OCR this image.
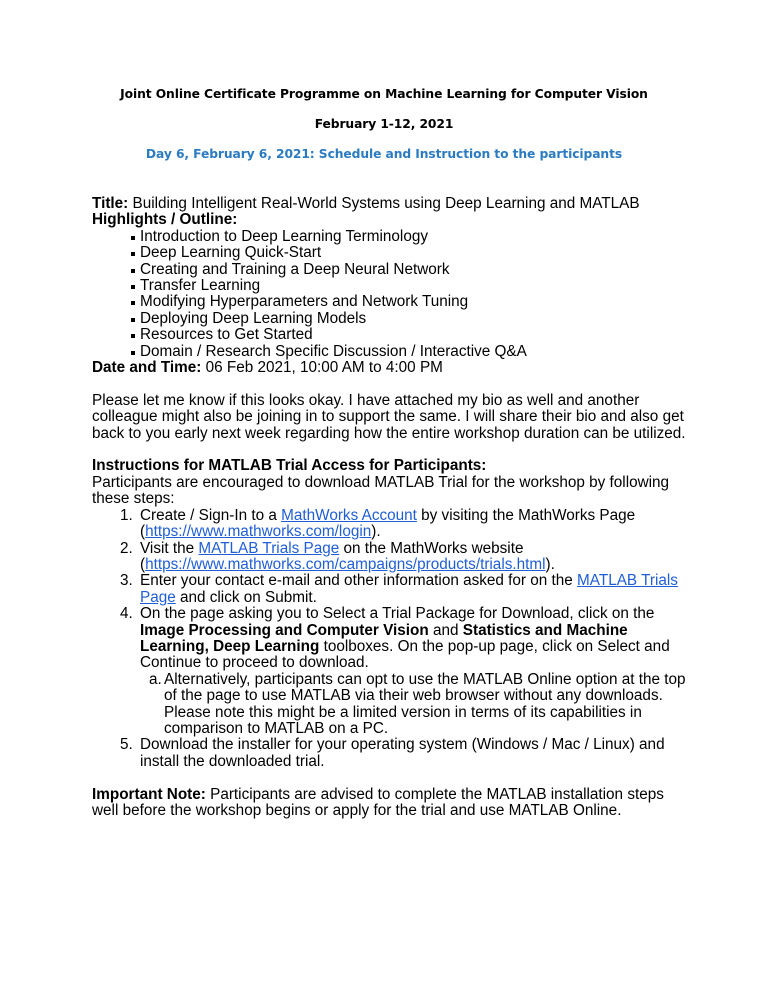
Joint Online Certificate Programme on Machine Learning for Computer Vision
February 1-12, 2021
Day 6, February 6, 2021: Schedule and Instruction to the participants

Title: Building Intelligent Real-World Systems using Deep Learning and MATLAB

Highlights / Outline:

Introduction to Deep Learning Terminology
Deep Learning Quick-Start
Creating and Training a Deep Neural Network
Transfer Learning
Modifying Hyperparameters and Network Tuning
Deploying Deep Learning Models
Resources to Get Started
Domain / Research Specific Discussion / Interactive Q&A

Date and Time: 06 Feb 2021, 10:00 AM to 4:00 PM

Please let me know if this looks okay. I have attached my bio as well and another colleague might also be joining in to support the same. I will share their bio and also get back to you early next week regarding how the entire workshop duration can be utilized.

Instructions for MATLAB Trial Access for Participants:

Participants are encouraged to download MATLAB Trial for the workshop by following these steps:

1. Create / Sign-In to a MathWorks Account by visiting the MathWorks Page (https://www.mathworks.com/login).
2. Visit the MATLAB Trials Page on the MathWorks website (https://www.mathworks.com/campaigns/products/trials.html).
3. Enter your contact e-mail and other information asked for on the MATLAB Trials Page and click on Submit.
4. On the page asking you to Select a Trial Package for Download, click on the Image Processing and Computer Vision and Statistics and Machine Learning, Deep Learning toolboxes. On the pop-up page, click on Select and Continue to proceed to download.
a. Alternatively, participants can opt to use the MATLAB Online option at the top of the page to use MATLAB via their web browser without any downloads. Please note this might be a limited version in terms of its capabilities in comparison to MATLAB on a PC.
5. Download the installer for your operating system (Windows / Mac / Linux) and install the downloaded trial.

Important Note: Participants are advised to complete the MATLAB installation steps well before the workshop begins or apply for the trial and use MATLAB Online.
